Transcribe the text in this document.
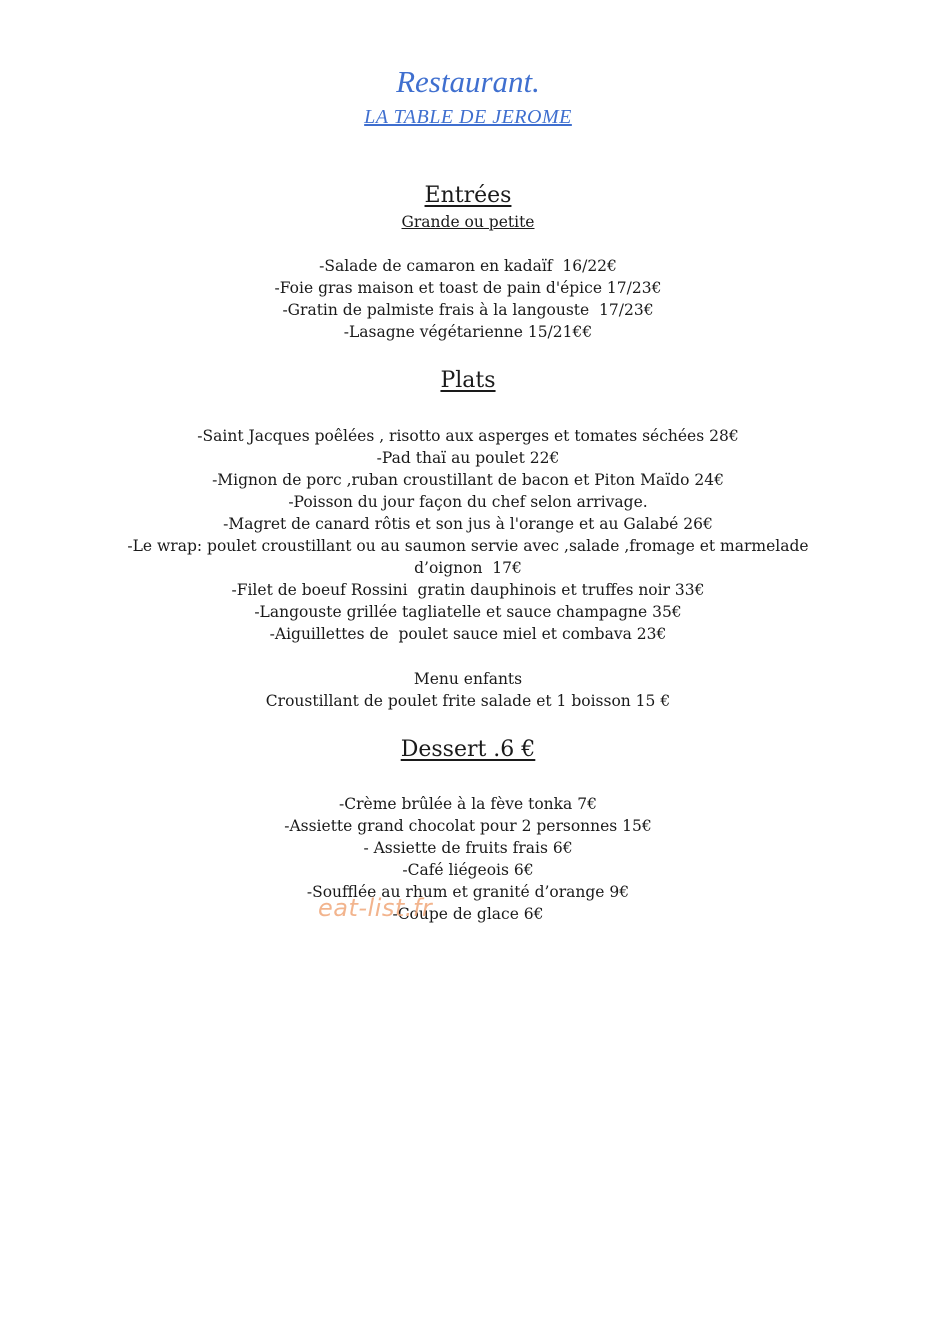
Restaurant.
LA TABLE DE JEROME
Entrées
Grande ou petite
-Salade de camaron en kadaïf  16/22€
-Foie gras maison et toast de pain d'épice 17/23€
-Gratin de palmiste frais à la langouste  17/23€
-Lasagne végétarienne 15/21€€
Plats
-Saint Jacques poêlées , risotto aux asperges et tomates séchées 28€
-Pad thaï au poulet 22€
-Mignon de porc ,ruban croustillant de bacon et Piton Maïdo 24€
-Poisson du jour façon du chef selon arrivage.
-Magret de canard rôtis et son jus à l'orange et au Galabé 26€
-Le wrap: poulet croustillant ou au saumon servie avec ,salade ,fromage et marmelade
d’oignon  17€
-Filet de boeuf Rossini  gratin dauphinois et truffes noir 33€
-Langouste grillée tagliatelle et sauce champagne 35€
-Aiguillettes de  poulet sauce miel et combava 23€
Menu enfants
Croustillant de poulet frite salade et 1 boisson 15 €
Dessert .6 €
-Crème brûlée à la fève tonka 7€
-Assiette grand chocolat pour 2 personnes 15€
- Assiette de fruits frais 6€
-Café liégeois 6€
-Soufflée au rhum et granité d’orange 9€
-Coupe de glace 6€
eat-list.fr
